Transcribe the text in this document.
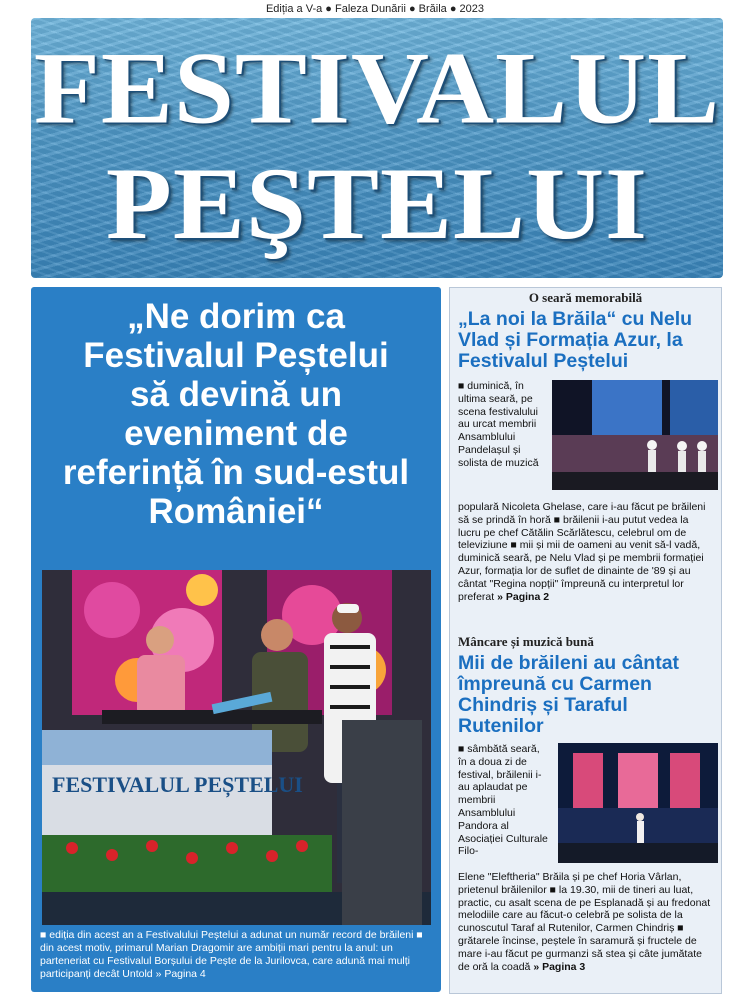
Ediția a V-a ● Faleza Dunării ● Brăila ● 2023
FESTIVALUL
PEŞTELUI
„Ne dorim ca Festivalul Peștelui să devină un eveniment de referință în sud-estul României“
FESTIVALUL PEȘTELUI
■ ediția din acest an a Festivalului Peștelui a adunat un număr record de brăileni ■ din acest motiv, primarul Marian Dragomir are ambiții mari pentru la anul: un parteneriat cu Festivalul Borșului de Pește de la Jurilovca, care adună mai mulți participanți decât Untold » Pagina 4
O seară memorabilă
„La noi la Brăila“ cu Nelu Vlad și Formația Azur, la Festivalul Peștelui
■ duminică, în ultima seară, pe scena festivalului au urcat membrii Ansamblului Pandelașul și solista de muzică
populară Nicoleta Ghelase, care i-au făcut pe brăileni să se prindă în horă ■ brăilenii i-au putut vedea la lucru pe chef Cătălin Scărlătescu, celebrul om de televiziune ■ mii și mii de oameni au venit să-l vadă, duminică seară, pe Nelu Vlad și pe membrii formației Azur, formația lor de suflet de dinainte de '89 și au cântat "Regina nopții" împreună cu interpretul lor preferat » Pagina 2
Mâncare și muzică bună
Mii de brăileni au cântat împreună cu Carmen Chindriș și Taraful Rutenilor
■ sâmbătă seară, în a doua zi de festival, brăilenii i-au aplaudat pe membrii Ansamblului Pandora al Asociației Culturale Filo-
Elene "Eleftheria" Brăila și pe chef Horia Vârlan, prietenul brăilenilor ■ la 19.30, mii de tineri au luat, practic, cu asalt scena de pe Esplanadă și au fredonat melodiile care au făcut-o celebră pe solista de la cunoscutul Taraf al Rutenilor, Carmen Chindriș ■ grătarele încinse, peștele în saramură și fructele de mare i-au făcut pe gurmanzi să stea și câte jumătate de oră la coadă » Pagina 3
